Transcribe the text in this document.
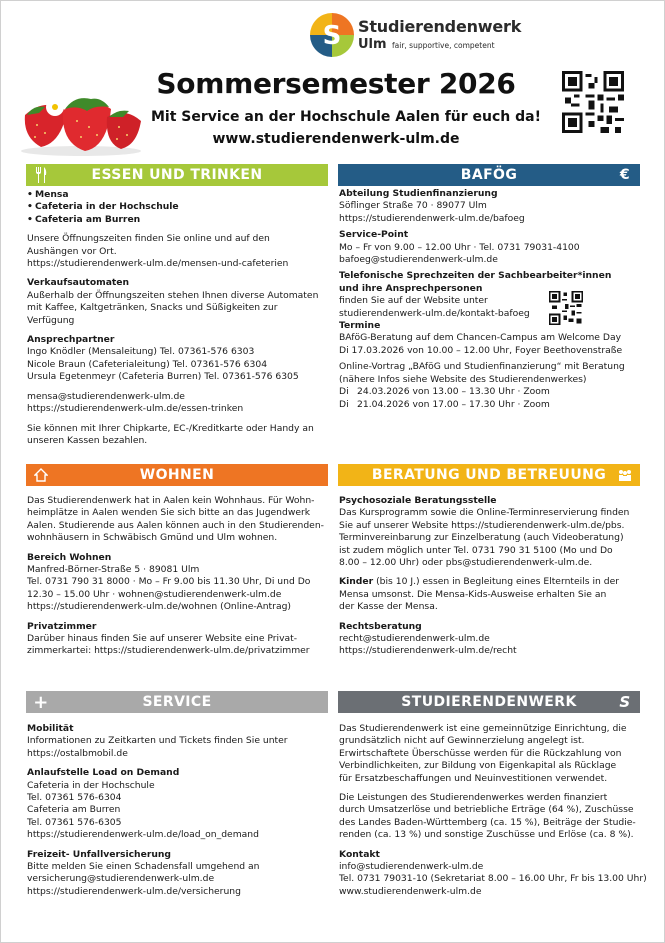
S Studierendenwerk
Ulm fair, supportive, competent
Sommersemester 2026
Mit Service an der Hochschule Aalen für euch da!
www.studierendenwerk-ulm.de
ESSEN UND TRINKEN
• Mensa
• Cafeteria in der Hochschule
• Cafeteria am Burren
Unsere Öffnungszeiten finden Sie online und auf den
Aushängen vor Ort.
https://studierendenwerk-ulm.de/mensen-und-cafeterien
Verkaufsautomaten
Außerhalb der Öffnungszeiten stehen Ihnen diverse Automaten
mit Kaffee, Kaltgetränken, Snacks und Süßigkeiten zur
Verfügung
Ansprechpartner
Ingo Knödler (Mensaleitung) Tel. 07361-576 6303
Nicole Braun (Cafeterialeitung) Tel. 07361-576 6304
Ursula Egetenmeyr (Cafeteria Burren) Tel. 07361-576 6305
mensa@studierendenwerk-ulm.de
https://studierendenwerk-ulm.de/essen-trinken
Sie können mit Ihrer Chipkarte, EC-/Kreditkarte oder Handy an
unseren Kassen bezahlen.
BAFÖG	€
Abteilung Studienfinanzierung
Söflinger Straße 70 · 89077 Ulm
https://studierendenwerk-ulm.de/bafoeg
Service-Point
Mo – Fr von 9.00 – 12.00 Uhr · Tel. 0731 79031-4100
bafoeg@studierendenwerk-ulm.de
Telefonische Sprechzeiten der Sachbearbeiter*innen
und ihre Ansprechpersonen
finden Sie auf der Website unter
studierendenwerk-ulm.de/kontakt-bafoeg
Termine
BAföG-Beratung auf dem Chancen-Campus am Welcome Day
Di 17.03.2026 von 10.00 – 12.00 Uhr, Foyer Beethovenstraße
Online-Vortrag „BAföG und Studienfinanzierung“ mit Beratung
(nähere Infos siehe Website des Studierendenwerkes)
Di 24.03.2026 von 13.00 – 13.30 Uhr · Zoom
Di 21.04.2026 von 17.00 – 17.30 Uhr · Zoom
WOHNEN
Das Studierendenwerk hat in Aalen kein Wohnhaus. Für Wohn-
heimplätze in Aalen wenden Sie sich bitte an das Jugendwerk
Aalen. Studierende aus Aalen können auch in den Studierenden-
wohnhäusern in Schwäbisch Gmünd und Ulm wohnen.
Bereich Wohnen
Manfred-Börner-Straße 5 · 89081 Ulm
Tel. 0731 790 31 8000 · Mo – Fr 9.00 bis 11.30 Uhr, Di und Do
12.30 – 15.00 Uhr · wohnen@studierendenwerk-ulm.de
https://studierendenwerk-ulm.de/wohnen (Online-Antrag)
Privatzimmer
Darüber hinaus finden Sie auf unserer Website eine Privat-
zimmerkartei: https://studierendenwerk-ulm.de/privatzimmer
BERATUNG UND BETREUUNG
Psychosoziale Beratungsstelle
Das Kursprogramm sowie die Online-Terminreservierung finden
Sie auf unserer Website https://studierendenwerk-ulm.de/pbs.
Terminvereinbarung zur Einzelberatung (auch Videoberatung)
ist zudem möglich unter Tel. 0731 790 31 5100 (Mo und Do
8.00 – 12.00 Uhr) oder pbs@studierendenwerk-ulm.de.
Kinder (bis 10 J.) essen in Begleitung eines Elternteils in der
Mensa umsonst. Die Mensa-Kids-Ausweise erhalten Sie an
der Kasse der Mensa.
Rechtsberatung
recht@studierendenwerk-ulm.de
https://studierendenwerk-ulm.de/recht
+	SERVICE
Mobilität
Informationen zu Zeitkarten und Tickets finden Sie unter
https://ostalbmobil.de
Anlaufstelle Load on Demand
Cafeteria in der Hochschule
Tel. 07361 576-6304
Cafeteria am Burren
Tel. 07361 576-6305
https://studierendenwerk-ulm.de/load_on_demand
Freizeit- Unfallversicherung
Bitte melden Sie einen Schadensfall umgehend an
versicherung@studierendenwerk-ulm.de
https://studierendenwerk-ulm.de/versicherung
STUDIERENDENWERK	S
Das Studierendenwerk ist eine gemeinnützige Einrichtung, die
grundsätzlich nicht auf Gewinnerzielung angelegt ist.
Erwirtschaftete Überschüsse werden für die Rückzahlung von
Verbindlichkeiten, zur Bildung von Eigenkapital als Rücklage
für Ersatzbeschaffungen und Neuinvestitionen verwendet.
Die Leistungen des Studierendenwerkes werden finanziert
durch Umsatzerlöse und betriebliche Erträge (64 %), Zuschüsse
des Landes Baden-Württemberg (ca. 15 %), Beiträge der Studie-
renden (ca. 13 %) und sonstige Zuschüsse und Erlöse (ca. 8 %).
Kontakt
info@studierendenwerk-ulm.de
Tel. 0731 79031-10 (Sekretariat 8.00 – 16.00 Uhr, Fr bis 13.00 Uhr)
www.studierendenwerk-ulm.de
